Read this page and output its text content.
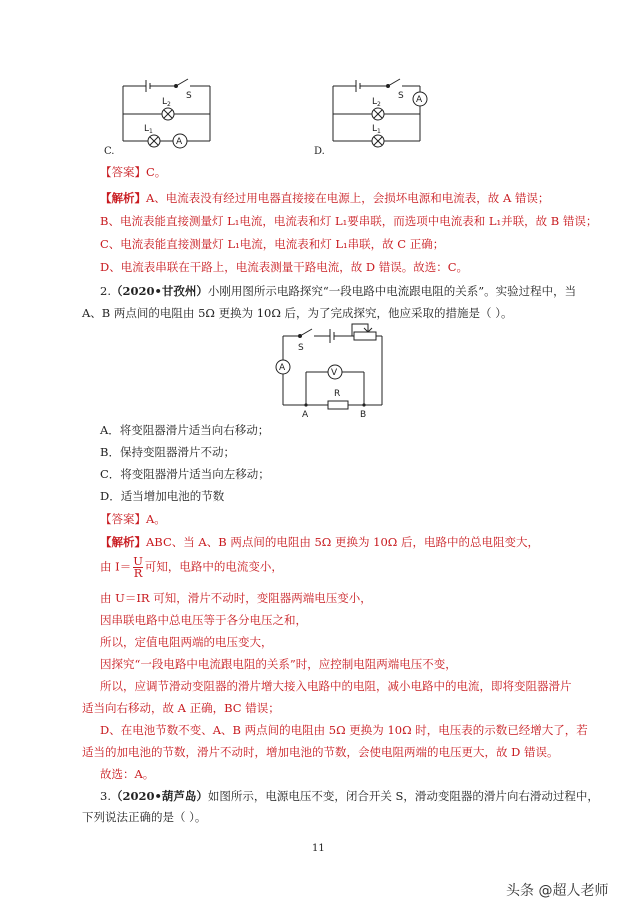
S
$L_2$
$L_1$
A
C.
S A
$L_2$
$L_1$
D.
【答案】C。
【解析】A、电流表没有经过用电器直接接在电源上，会损坏电源和电流表，故 A 错误；
B、电流表能直接测量灯 L₁电流，电流表和灯 L₁要串联，而选项中电流表和 L₁并联，故 B 错误；
C、电流表能直接测量灯 L₁电流，电流表和灯 L₁串联，故 C 正确；
D、电流表串联在干路上，电流表测量干路电流，故 D 错误。故选：C。
2.（2020•甘孜州）小刚用图所示电路探究“一段电路中电流跟电阻的关系”。实验过程中，当
A、B 两点间的电阻由 5Ω 更换为 10Ω 后，为了完成探究，他应采取的措施是（ ）。
S
A	V
R
A	B
A．将变阻器滑片适当向右移动；
B．保持变阻器滑片不动；
C．将变阻器滑片适当向左移动；
D．适当增加电池的节数
【答案】A。
【解析】ABC、当 A、B 两点间的电阻由 5Ω 更换为 10Ω 后，电路中的总电阻变大，
由 $I= \frac{U}{R}$ 可知，电路中的电流变小，
由 U＝IR 可知，滑片不动时，变阻器两端电压变小，
因串联电路中总电压等于各分电压之和，
所以，定值电阻两端的电压变大，
因探究“一段电路中电流跟电阻的关系”时，应控制电阻两端电压不变，
所以，应调节滑动变阻器的滑片增大接入电路中的电阻，减小电路中的电流，即将变阻器滑片
适当向右移动，故 A 正确，BC 错误；
D、在电池节数不变、A、B 两点间的电阻由 5Ω 更换为 10Ω 时，电压表的示数已经增大了，若
适当的加电池的节数，滑片不动时，增加电池的节数，会使电阻两端的电压更大，故 D 错误。
故选：A。
3.（2020•葫芦岛）如图所示，电源电压不变，闭合开关 S，滑动变阻器的滑片向右滑动过程中，
下列说法正确的是（ ）。
11
头条 @超人老师
